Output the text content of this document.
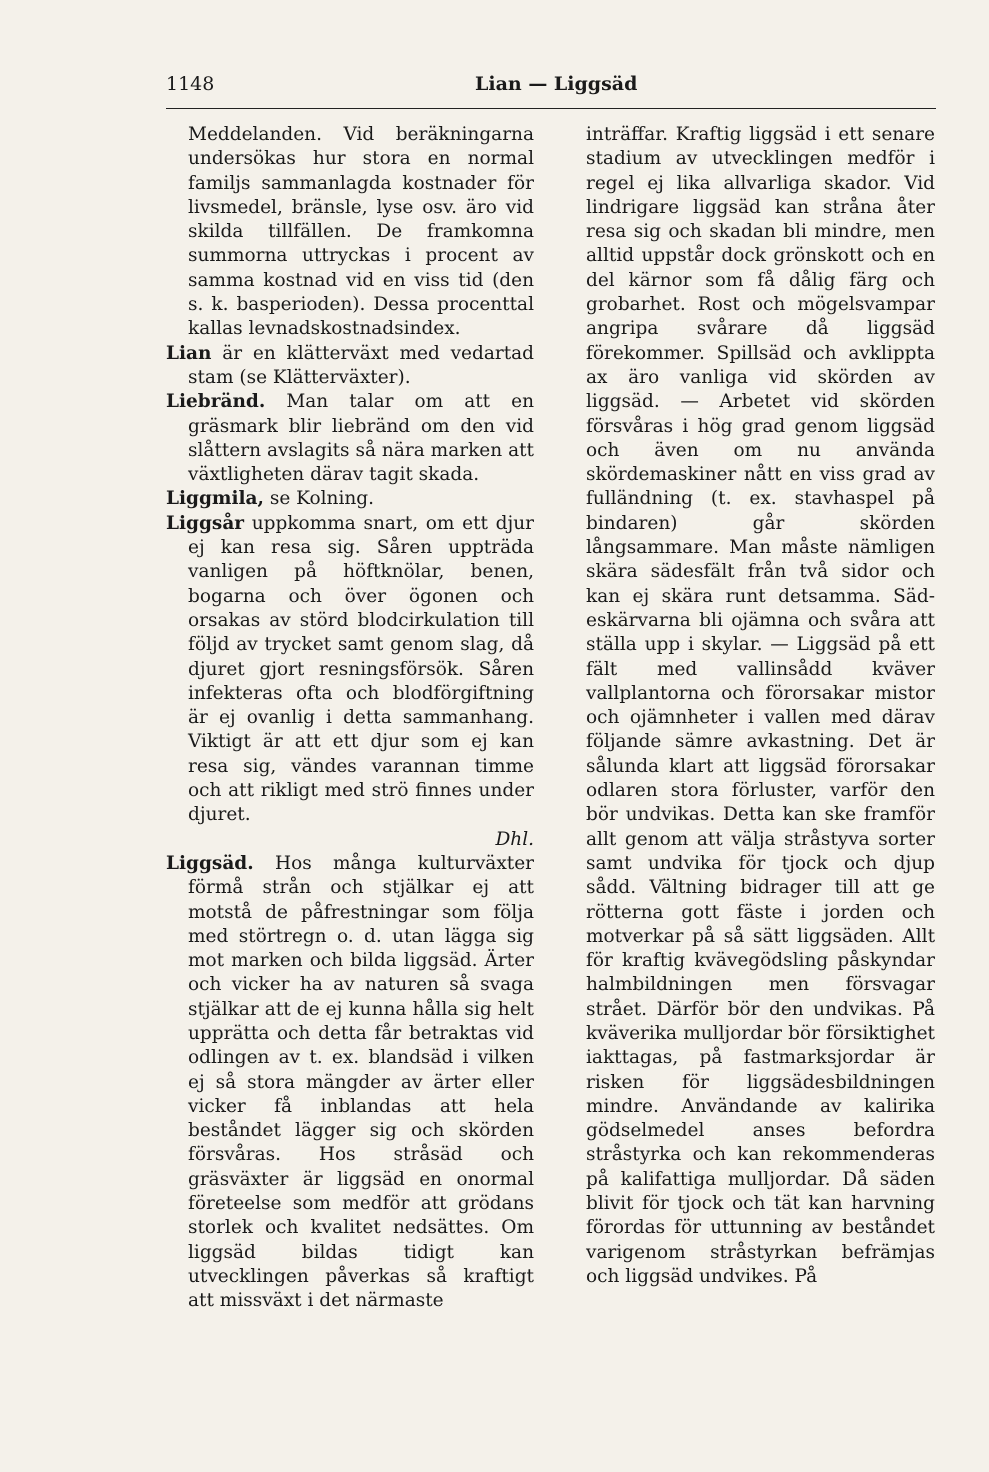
1148	Lian — Liggsäd

Meddelanden. Vid beräkningarna undersökas hur stora en normal familjs sammanlagda kostnader för livsmedel, bränsle, lyse osv. äro vid skilda tillfällen. De framkomna summorna uttryckas i procent av samma kostnad vid en viss tid (den s. k. basperioden). Dessa procenttal kallas levnadskostnadsindex.

Lian är en klätterväxt med vedartad stam (se Klätterväxter).

Liebränd. Man talar om att en gräsmark blir liebränd om den vid slåttern avslagits så nära marken att växtligheten därav tagit skada.

Liggmila, se Kolning.

Liggsår uppkomma snart, om ett djur ej kan resa sig. Såren uppträda vanligen på höftknölar, benen, bogarna och över ögonen och orsakas av störd blodcirkulation till följd av trycket samt genom slag, då djuret gjort resningsförsök. Såren infekteras ofta och blodförgiftning är ej ovanlig i detta sammanhang. Viktigt är att ett djur som ej kan resa sig, vändes varannan timme och att rikligt med strö finnes under djuret.
Dhl.

Liggsäd. Hos många kulturväxter förmå strån och stjälkar ej att motstå de påfrestningar som följa med störtregn o. d. utan lägga sig mot marken och bilda liggsäd. Ärter och vicker ha av naturen så svaga stjälkar att de ej kunna hålla sig helt upprätta och detta får betraktas vid odlingen av t. ex. blandsäd i vilken ej så stora mängder av ärter eller vicker få inblandas att hela beståndet lägger sig och skörden försvåras. Hos stråsäd och gräsväxter är liggsäd en onormal företeelse som medför att grödans storlek och kvalitet nedsättes. Om liggsäd bildas tidigt kan utvecklingen påverkas så kraftigt att missväxt i det närmaste

inträffar. Kraftig liggsäd i ett senare stadium av utvecklingen medför i regel ej lika allvarliga skador. Vid lindrigare liggsäd kan stråna åter resa sig och skadan bli mindre, men alltid uppstår dock grönskott och en del kärnor som få dålig färg och grobarhet. Rost och mögelsvampar angripa svårare då liggsäd förekommer. Spillsäd och avklippta ax äro vanliga vid skörden av liggsäd. — Arbetet vid skörden försvåras i hög grad genom liggsäd och även om nu använda skördemaskiner nått en viss grad av fulländning (t. ex. stavhaspel på bindaren) går skörden långsammare. Man måste nämligen skära sädesfält från två sidor och kan ej skära runt detsamma. Sädeskärvarna bli ojämna och svåra att ställa upp i skylar. — Liggsäd på ett fält med vallinsådd kväver vallplantorna och förorsakar mistor och ojämnheter i vallen med därav följande sämre avkastning. Det är sålunda klart att liggsäd förorsakar odlaren stora förluster, varför den bör undvikas. Detta kan ske framför allt genom att välja stråstyva sorter samt undvika för tjock och djup sådd. Vältning bidrager till att ge rötterna gott fäste i jorden och motverkar på så sätt liggsäden. Allt för kraftig kvävegödsling påskyndar halmbildningen men försvagar strået. Därför bör den undvikas. På kväverika mulljordar bör försiktighet iakttagas, på fastmarksjordar är risken för liggsädesbildningen mindre. Användande av kalirika gödselmedel anses befordra stråstyrka och kan rekommenderas på kalifattiga mulljordar. Då säden blivit för tjock och tät kan harvning förordas för uttunning av beståndet varigenom stråstyrkan befrämjas och liggsäd undvikes. På
